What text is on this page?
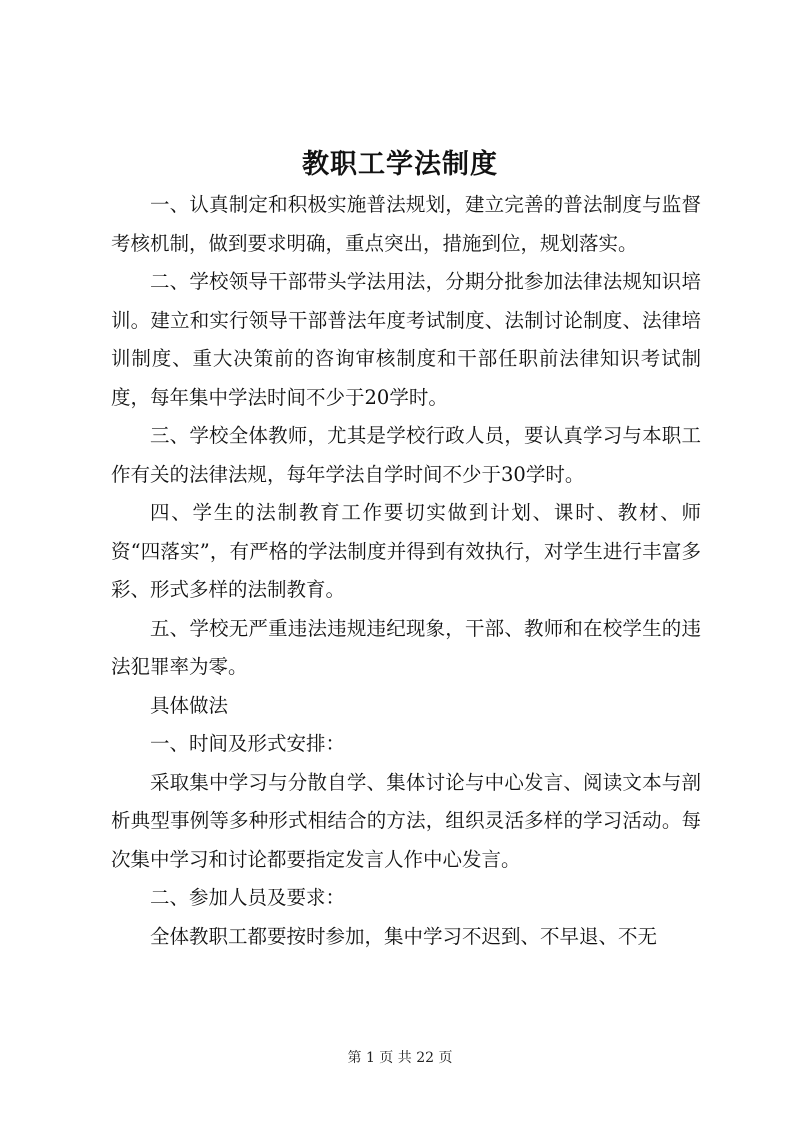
教职工学法制度

一、认真制定和积极实施普法规划，建立完善的普法制度与监督考核机制，做到要求明确，重点突出，措施到位，规划落实。

二、学校领导干部带头学法用法，分期分批参加法律法规知识培训。建立和实行领导干部普法年度考试制度、法制讨论制度、法律培训制度、重大决策前的咨询审核制度和干部任职前法律知识考试制度，每年集中学法时间不少于20学时。

三、学校全体教师，尤其是学校行政人员，要认真学习与本职工作有关的法律法规，每年学法自学时间不少于30学时。

四、学生的法制教育工作要切实做到计划、课时、教材、师资“四落实”，有严格的学法制度并得到有效执行，对学生进行丰富多彩、形式多样的法制教育。

五、学校无严重违法违规违纪现象，干部、教师和在校学生的违法犯罪率为零。

具体做法

一、时间及形式安排：

采取集中学习与分散自学、集体讨论与中心发言、阅读文本与剖析典型事例等多种形式相结合的方法，组织灵活多样的学习活动。每次集中学习和讨论都要指定发言人作中心发言。

二、参加人员及要求：

全体教职工都要按时参加，集中学习不迟到、不早退、不无

第 1 页 共 22 页
